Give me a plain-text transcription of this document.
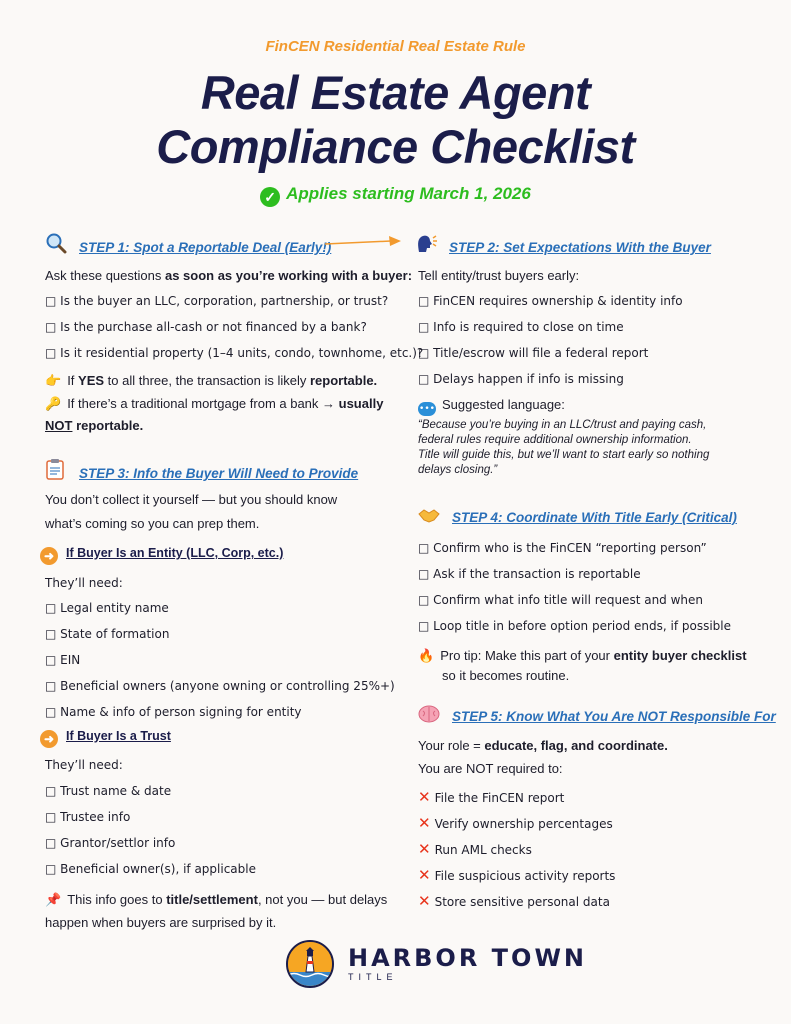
FinCEN Residential Real Estate Rule
Real Estate Agent
Compliance Checklist
✓ Applies starting March 1, 2026
STEP 1: Spot a Reportable Deal (Early!)
Ask these questions as soon as you’re working with a buyer:
□ Is the buyer an LLC, corporation, partnership, or trust?
□ Is the purchase all-cash or not financed by a bank?
□ Is it residential property (1–4 units, condo, townhome, etc.)?
👉 If YES to all three, the transaction is likely reportable.
🔑 If there’s a traditional mortgage from a bank → usually
NOT reportable.
STEP 2: Set Expectations With the Buyer
Tell entity/trust buyers early:
□ FinCEN requires ownership & identity info
□ Info is required to close on time
□ Title/escrow will file a federal report
□ Delays happen if info is missing
••• Suggested language:
“Because you’re buying in an LLC/trust and paying cash,
federal rules require additional ownership information.
Title will guide this, but we’ll want to start early so nothing
delays closing.”
STEP 3: Info the Buyer Will Need to Provide
You don’t collect it yourself — but you should know
what’s coming so you can prep them.
➜ If Buyer Is an Entity (LLC, Corp, etc.)
They’ll need:
□ Legal entity name
□ State of formation
□ EIN
□ Beneficial owners (anyone owning or controlling 25%+)
□ Name & info of person signing for entity
➜ If Buyer Is a Trust
They’ll need:
□ Trust name & date
□ Trustee info
□ Grantor/settlor info
□ Beneficial owner(s), if applicable
📌 This info goes to title/settlement, not you — but delays
happen when buyers are surprised by it.
STEP 4: Coordinate With Title Early (Critical)
□ Confirm who is the FinCEN “reporting person”
□ Ask if the transaction is reportable
□ Confirm what info title will request and when
□ Loop title in before option period ends, if possible
🔥 Pro tip: Make this part of your entity buyer checklist
so it becomes routine.
STEP 5: Know What You Are NOT Responsible For
Your role = educate, flag, and coordinate.
You are NOT required to:
✕ File the FinCEN report
✕ Verify ownership percentages
✕ Run AML checks
✕ File suspicious activity reports
✕ Store sensitive personal data
HARBOR TOWN
TITLE
